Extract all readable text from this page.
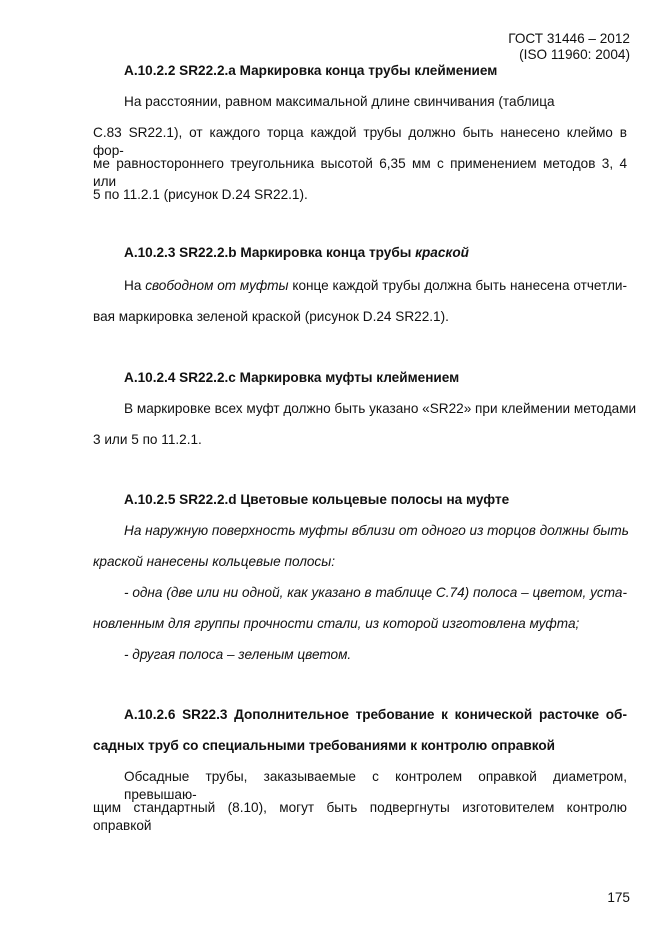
ГОСТ 31446 – 2012
(ISO 11960: 2004)
А.10.2.2 SR22.2.a Маркировка конца трубы клеймением
На расстоянии, равном максимальной длине свинчивания (таблица
С.83 SR22.1), от каждого торца каждой трубы должно быть нанесено клеймо в фор-
ме равностороннего треугольника высотой 6,35 мм с применением методов 3, 4 или
5 по 11.2.1 (рисунок D.24 SR22.1).
А.10.2.3 SR22.2.b Маркировка конца трубы краской
На свободном от муфты конце каждой трубы должна быть нанесена отчетли-
вая маркировка зеленой краской (рисунок D.24 SR22.1).
А.10.2.4 SR22.2.c Маркировка муфты клеймением
В маркировке всех муфт должно быть указано «SR22» при клеймении методами
3 или 5 по 11.2.1.
А.10.2.5 SR22.2.d Цветовые кольцевые полосы на муфте
На наружную поверхность муфты вблизи от одного из торцов должны быть
краской нанесены кольцевые полосы:
- одна (две или ни одной, как указано в таблице С.74) полоса – цветом, уста-
новленным для группы прочности стали, из которой изготовлена муфта;
- другая полоса – зеленым цветом.
А.10.2.6 SR22.3 Дополнительное требование к конической расточке об-
садных труб со специальными требованиями к контролю оправкой
Обсадные трубы, заказываемые с контролем оправкой диаметром, превышаю-
щим стандартный (8.10), могут быть подвергнуты изготовителем контролю оправкой
175
